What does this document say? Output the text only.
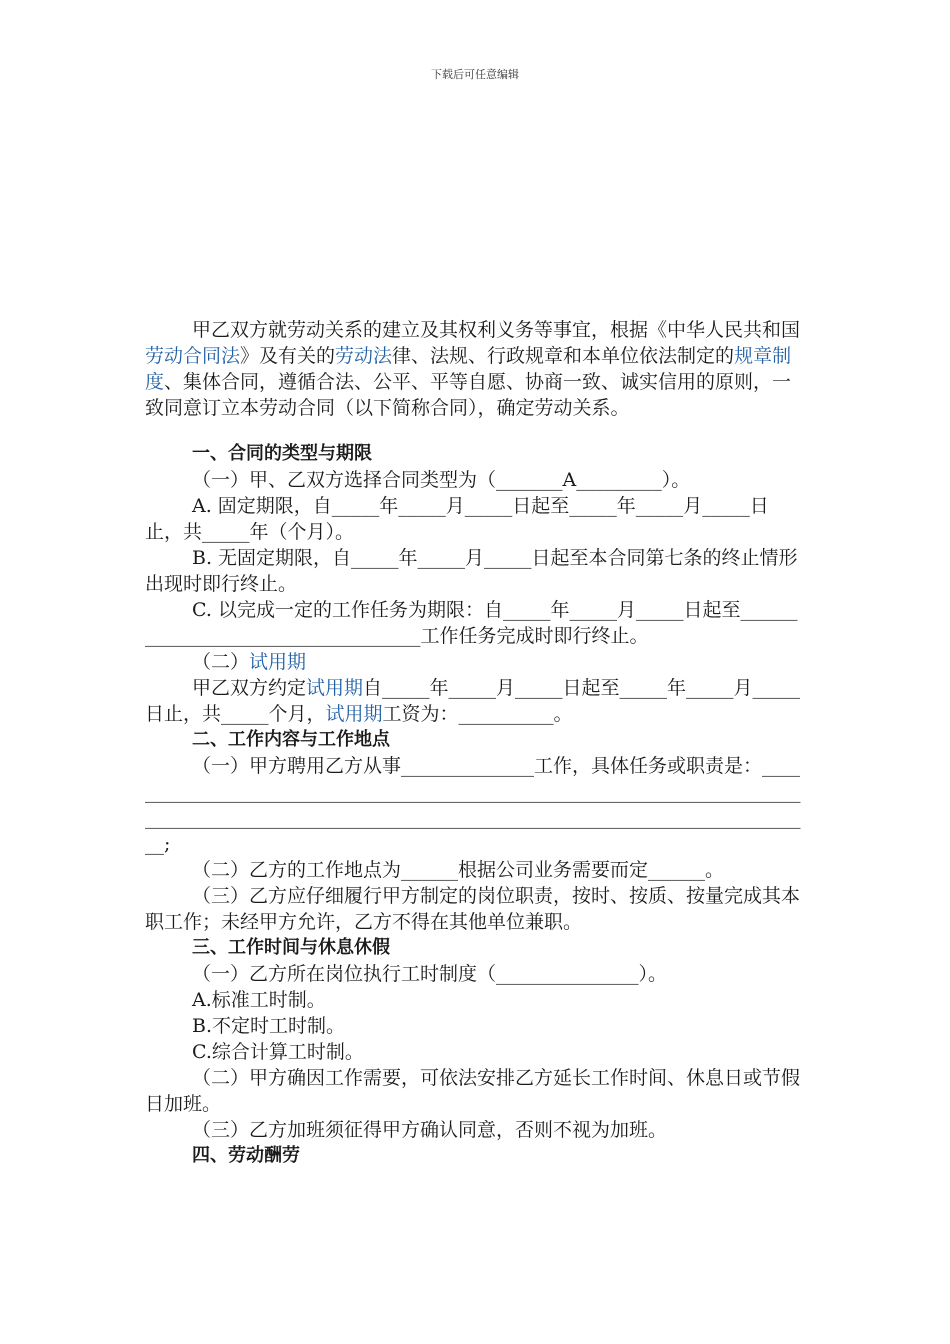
下载后可任意编辑

甲乙双方就劳动关系的建立及其权利义务等事宜，根据《中华人民共和国劳动合同法》及有关的劳动法律、法规、行政规章和本单位依法制定的规章制度、集体合同，遵循合法、公平、平等自愿、协商一致、诚实信用的原则，一致同意订立本劳动合同（以下简称合同），确定劳动关系。

一、合同的类型与期限

（一）甲、乙双方选择合同类型为（_______A_________）。

A. 固定期限，自_____年_____月_____日起至_____年_____月_____日止，共_____年（个月）。

B. 无固定期限，自_____年_____月_____日起至本合同第七条的终止情形出现时即行终止。

C. 以完成一定的工作任务为期限：自_____年_____月_____日起至___________________________________工作任务完成时即行终止。

（二）试用期

甲乙双方约定试用期自_____年_____月_____日起至_____年_____月_____日止，共_____个月，试用期工资为：__________。

二、工作内容与工作地点

（一）甲方聘用乙方从事______________工作，具体任务或职责是：________________________________________________________________________________________________________________________________________________;

（二）乙方的工作地点为______根据公司业务需要而定______。

（三）乙方应仔细履行甲方制定的岗位职责，按时、按质、按量完成其本职工作；未经甲方允许，乙方不得在其他单位兼职。

三、工作时间与休息休假

（一）乙方所在岗位执行工时制度（_______________）。

A.标准工时制。

B.不定时工时制。

C.综合计算工时制。

（二）甲方确因工作需要，可依法安排乙方延长工作时间、休息日或节假日加班。

（三）乙方加班须征得甲方确认同意，否则不视为加班。

四、劳动酬劳
